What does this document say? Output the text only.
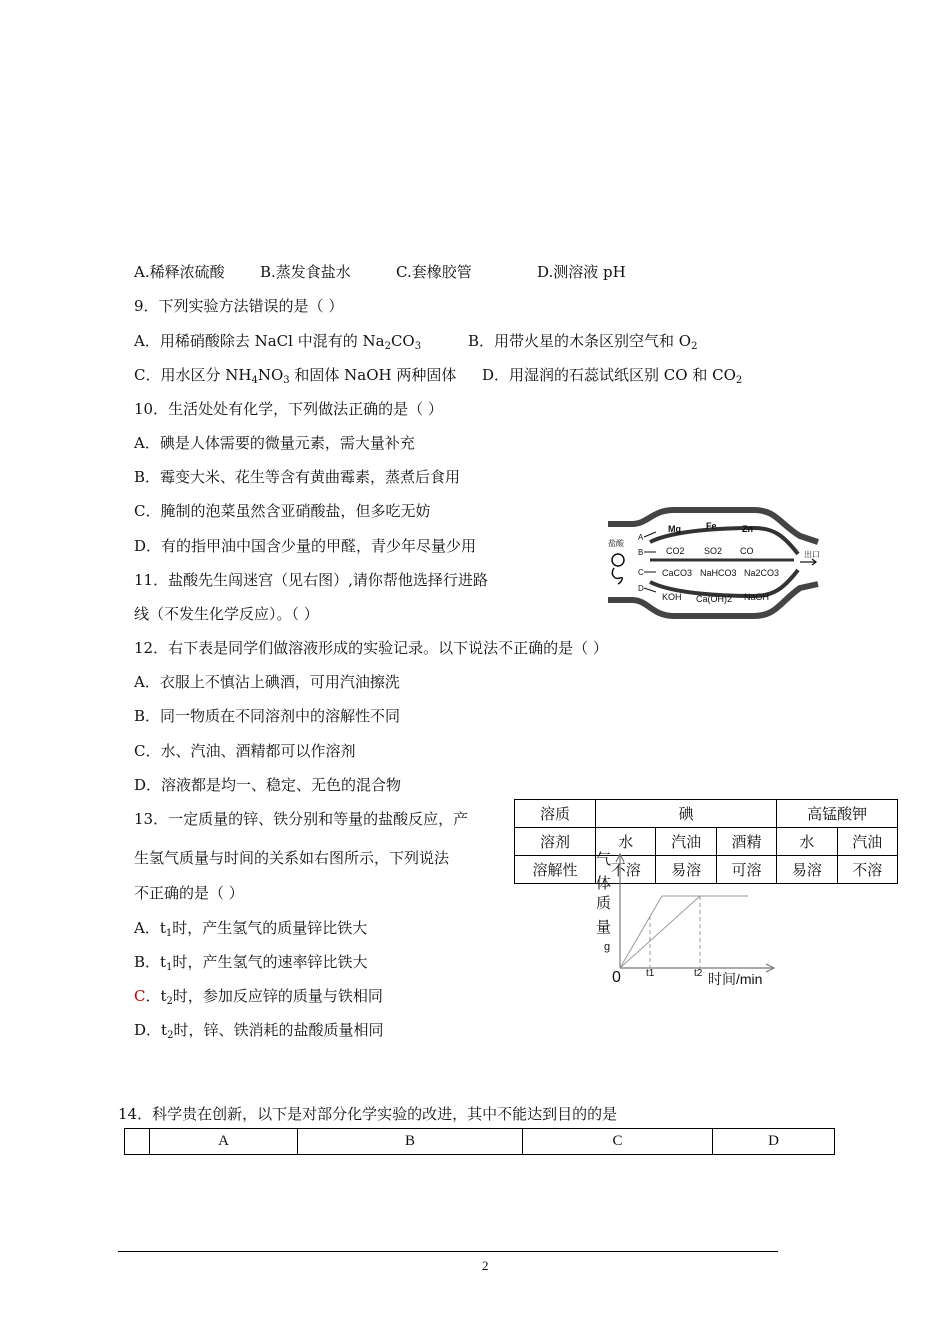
A.稀释浓硫酸 B.蒸发食盐水	C.套橡胶管	D.测溶液 pH
9．下列实验方法错误的是（ ）
A．用稀硝酸除去 NaCl 中混有的 $Na_2CO_3$	B．用带火星的木条区别空气和 $O_2$
C．用水区分 $NH_4NO_3$ 和固体 NaOH 两种固体 D．用湿润的石蕊试纸区别 CO 和 $CO_2$
10．生活处处有化学，下列做法正确的是（ ）
A．碘是人体需要的微量元素，需大量补充
B．霉变大米、花生等含有黄曲霉素，蒸煮后食用
C．腌制的泡菜虽然含亚硝酸盐，但多吃无妨
D．有的指甲油中国含少量的甲醛，青少年尽量少用
11．盐酸先生闯迷宫（见右图）,请你帮他选择行进路
线（不发生化学反应）。（ ）
盐酸
出口
A
B
C
D
Mg	Fe	Zn
CO2 SO2 CO
CaCO3 NaHCO3 Na2CO3
KOH Ca(OH)2 NaOH
12．右下表是同学们做溶液形成的实验记录。以下说法不正确的是（ ）
A．衣服上不慎沾上碘酒，可用汽油擦洗
B．同一物质在不同溶剂中的溶解性不同
C．水、汽油、酒精都可以作溶剂
D．溶液都是均一、稳定、无色的混合物
溶质	碘			高锰酸钾	
溶剂	水	汽油	酒精	水	汽油
溶解性	不溶	易溶	可溶	易溶	不溶
13．一定质量的锌、铁分别和等量的盐酸反应，产
生氢气质量与时间的关系如右图所示，下列说法
不正确的是（ ）
A．$t_1$时，产生氢气的质量锌比铁大
B．$t_1$时，产生氢气的速率锌比铁大
C．$t_2$时，参加反应锌的质量与铁相同
D．$t_2$时，锌、铁消耗的盐酸质量相同
气
体
质
量
g
0	t1	t2 时间/min
14．科学贵在创新，以下是对部分化学实验的改进，其中不能达到目的的是
	A	B	C	D
2
